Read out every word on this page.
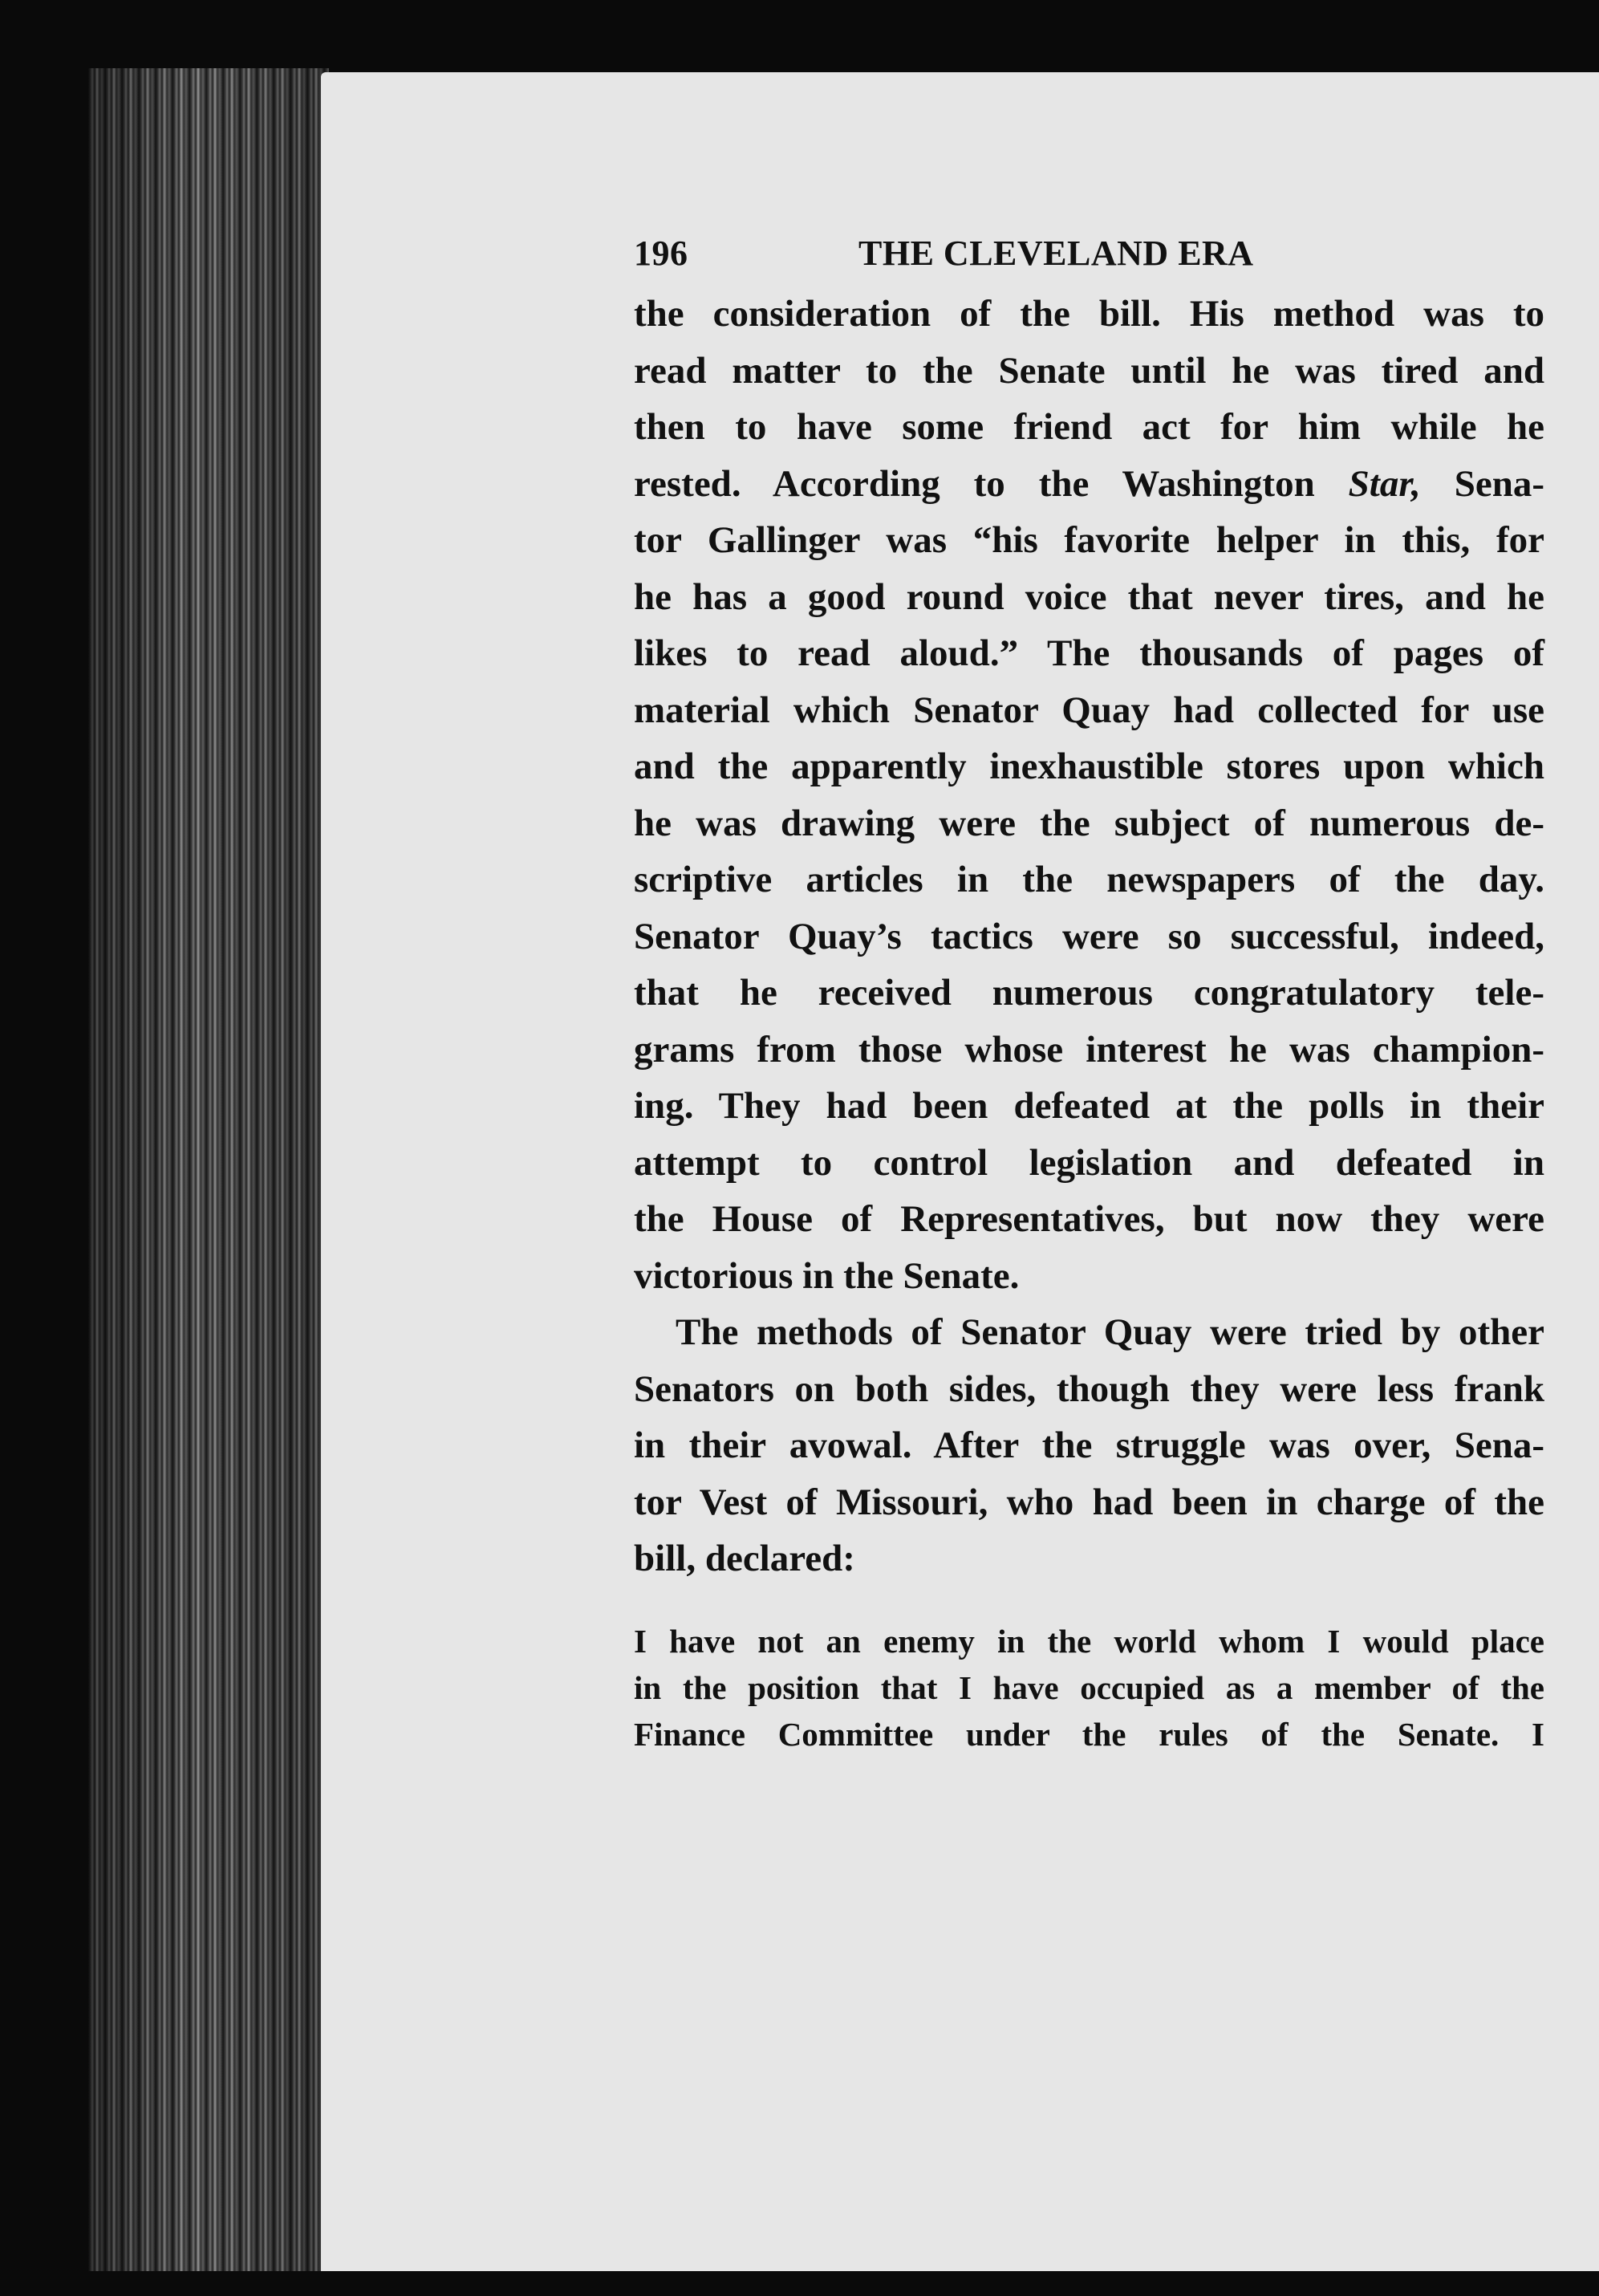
196	THE CLEVELAND ERA
the consideration of the bill. His method was to
read matter to the Senate until he was tired and
then to have some friend act for him while he
rested. According to the Washington Star, Sena-
tor Gallinger was “his favorite helper in this, for
he has a good round voice that never tires, and he
likes to read aloud.” The thousands of pages of
material which Senator Quay had collected for use
and the apparently inexhaustible stores upon which
he was drawing were the subject of numerous de-
scriptive articles in the newspapers of the day.
Senator Quay’s tactics were so successful, indeed,
that he received numerous congratulatory tele-
grams from those whose interest he was champion-
ing. They had been defeated at the polls in their
attempt to control legislation and defeated in
the House of Representatives, but now they were
victorious in the Senate.
The methods of Senator Quay were tried by other
Senators on both sides, though they were less frank
in their avowal. After the struggle was over, Sena-
tor Vest of Missouri, who had been in charge of the
bill, declared:
I have not an enemy in the world whom I would place
in the position that I have occupied as a member of the
Finance Committee under the rules of the Senate. I
